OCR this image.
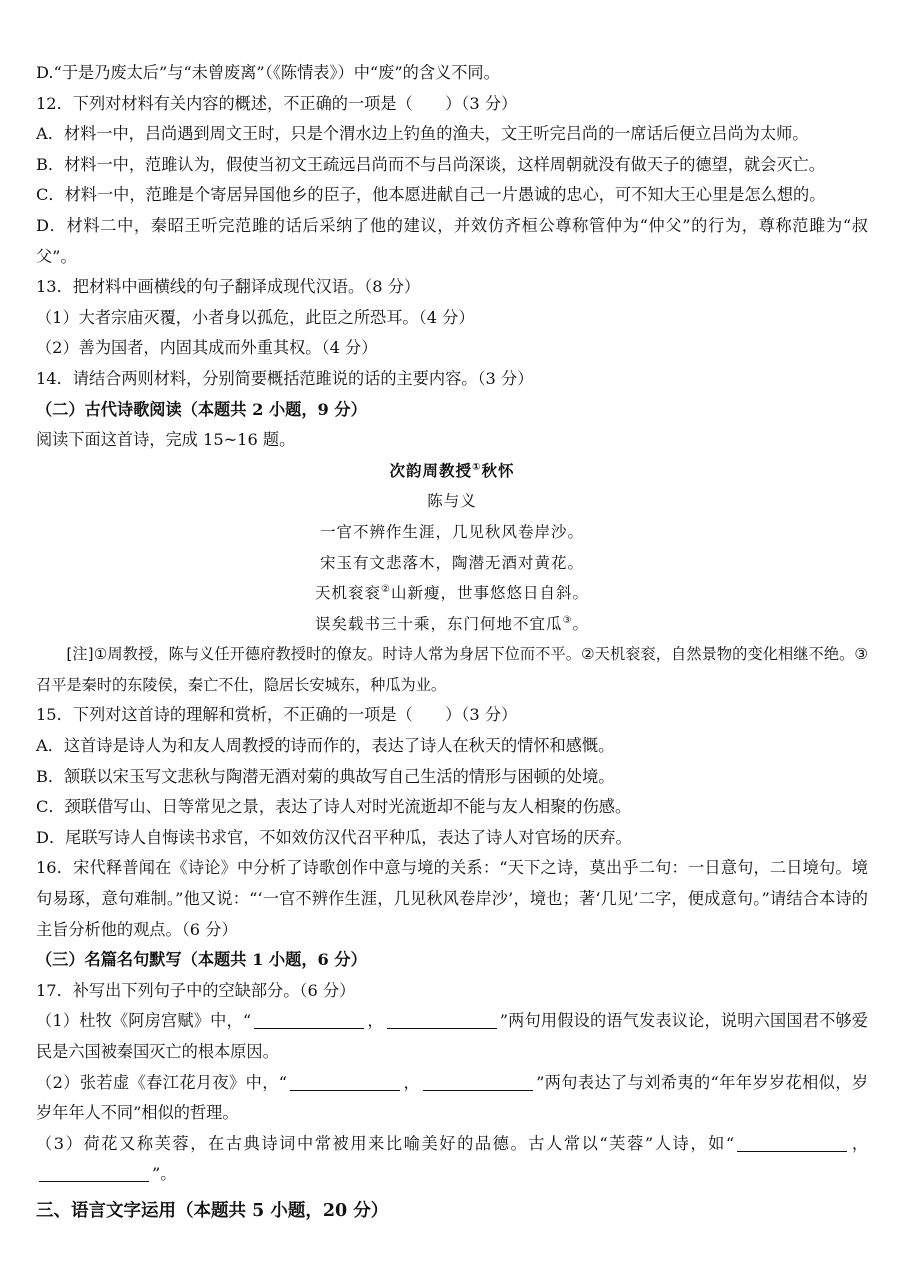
D.“于是乃废太后”与“未曾废离”（《陈情表》）中“废”的含义不同。
12．下列对材料有关内容的概述，不正确的一项是（　　）（3 分）
A．材料一中，吕尚遇到周文王时，只是个渭水边上钓鱼的渔夫，文王听完吕尚的一席话后便立吕尚为太师。
B．材料一中，范雎认为，假使当初文王疏远吕尚而不与吕尚深谈，这样周朝就没有做天子的德望，就会灭亡。
C．材料一中，范雎是个寄居异国他乡的臣子，他本愿进献自己一片愚诚的忠心，可不知大王心里是怎么想的。
D．材料二中，秦昭王听完范雎的话后采纳了他的建议，并效仿齐桓公尊称管仲为“仲父”的行为，尊称范雎为“叔父”。
13．把材料中画横线的句子翻译成现代汉语。（8 分）
（1）大者宗庙灭覆，小者身以孤危，此臣之所恐耳。（4 分）
（2）善为国者，内固其成而外重其权。（4 分）
14．请结合两则材料，分别简要概括范雎说的话的主要内容。（3 分）
（二）古代诗歌阅读（本题共 2 小题，9 分）
阅读下面这首诗，完成 15~16 题。
次韵周教授①秋怀
陈与义
一官不辨作生涯，几见秋风卷岸沙。
宋玉有文悲落木，陶潜无酒对黄花。
天机衮衮②山新瘦，世事悠悠日自斜。
误矣载书三十乘，东门何地不宜瓜③。
[注]①周教授，陈与义任开德府教授时的僚友。时诗人常为身居下位而不平。②天机衮衮，自然景物的变化相继不绝。③召平是秦时的东陵侯，秦亡不仕，隐居长安城东，种瓜为业。
15．下列对这首诗的理解和赏析，不正确的一项是（　　）（3 分）
A．这首诗是诗人为和友人周教授的诗而作的，表达了诗人在秋天的情怀和感慨。
B．颔联以宋玉写文悲秋与陶潜无酒对菊的典故写自己生活的情形与困顿的处境。
C．颈联借写山、日等常见之景，表达了诗人对时光流逝却不能与友人相聚的伤感。
D．尾联写诗人自悔读书求官，不如效仿汉代召平种瓜，表达了诗人对官场的厌弃。
16．宋代释普闻在《诗论》中分析了诗歌创作中意与境的关系：“天下之诗，莫出乎二句：一日意句，二日境句。境句易琢，意句难制。”他又说：“‘一官不辨作生涯，几见秋风卷岸沙’，境也；著‘几见’二字，便成意句。”请结合本诗的主旨分析他的观点。（6 分）
（三）名篇名句默写（本题共 1 小题，6 分）
17．补写出下列句子中的空缺部分。（6 分）
（1）杜牧《阿房宫赋》中，“	，	”两句用假设的语气发表议论，说明六国国君不够爱民是六国被秦国灭亡的根本原因。
（2）张若虚《春江花月夜》中，“	，	”两句表达了与刘希夷的“年年岁岁花相似，岁岁年年人不同”相似的哲理。
（3）荷花又称芙蓉，在古典诗词中常被用来比喻美好的品德。古人常以“芙蓉”人诗，如“	，”。
三、语言文字运用（本题共 5 小题，20 分）
